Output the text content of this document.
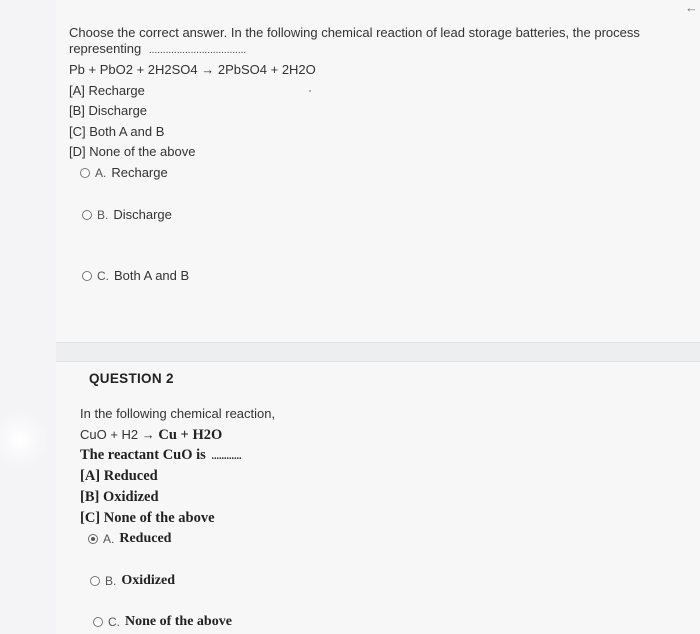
←
Choose the correct answer. In the following chemical reaction of lead storage batteries, the process
representing ...................................
Pb + PbO2 + 2H2SO4 → 2PbSO4 + 2H2O
[A] Recharge
[B] Discharge
[C] Both A and B
[D] None of the above
A. Recharge
B. Discharge
C. Both A and B
QUESTION 2
In the following chemical reaction,
CuO + H2 → Cu + H2O
The reactant CuO is ............
[A] Reduced
[B] Oxidized
[C] None of the above
A. Reduced
B. Oxidized
C. None of the above
